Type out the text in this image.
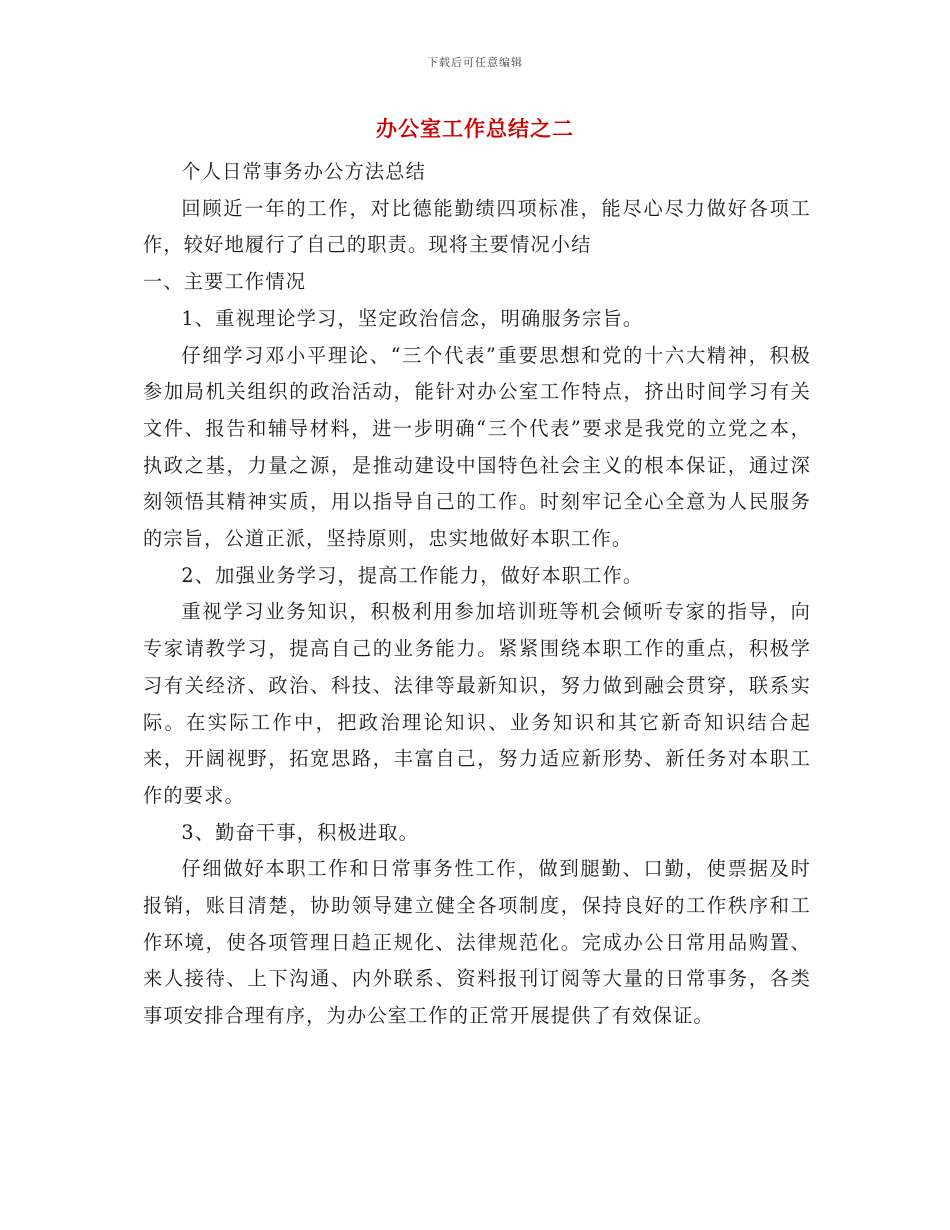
下载后可任意编辑
办公室工作总结之二

个人日常事务办公方法总结

回顾近一年的工作，对比德能勤绩四项标准，能尽心尽力做好各项工作，较好地履行了自己的职责。现将主要情况小结

一、主要工作情况

1、重视理论学习，坚定政治信念，明确服务宗旨。

仔细学习邓小平理论、“三个代表”重要思想和党的十六大精神，积极参加局机关组织的政治活动，能针对办公室工作特点，挤出时间学习有关文件、报告和辅导材料，进一步明确“三个代表”要求是我党的立党之本，执政之基，力量之源，是推动建设中国特色社会主义的根本保证，通过深刻领悟其精神实质，用以指导自己的工作。时刻牢记全心全意为人民服务的宗旨，公道正派，坚持原则，忠实地做好本职工作。

2、加强业务学习，提高工作能力，做好本职工作。

重视学习业务知识，积极利用参加培训班等机会倾听专家的指导，向专家请教学习，提高自己的业务能力。紧紧围绕本职工作的重点，积极学习有关经济、政治、科技、法律等最新知识，努力做到融会贯穿，联系实际。在实际工作中，把政治理论知识、业务知识和其它新奇知识结合起来，开阔视野，拓宽思路，丰富自己，努力适应新形势、新任务对本职工作的要求。

3、勤奋干事，积极进取。

仔细做好本职工作和日常事务性工作，做到腿勤、口勤，使票据及时报销，账目清楚，协助领导建立健全各项制度，保持良好的工作秩序和工作环境，使各项管理日趋正规化、法律规范化。完成办公日常用品购置、来人接待、上下沟通、内外联系、资料报刊订阅等大量的日常事务，各类事项安排合理有序，为办公室工作的正常开展提供了有效保证。
